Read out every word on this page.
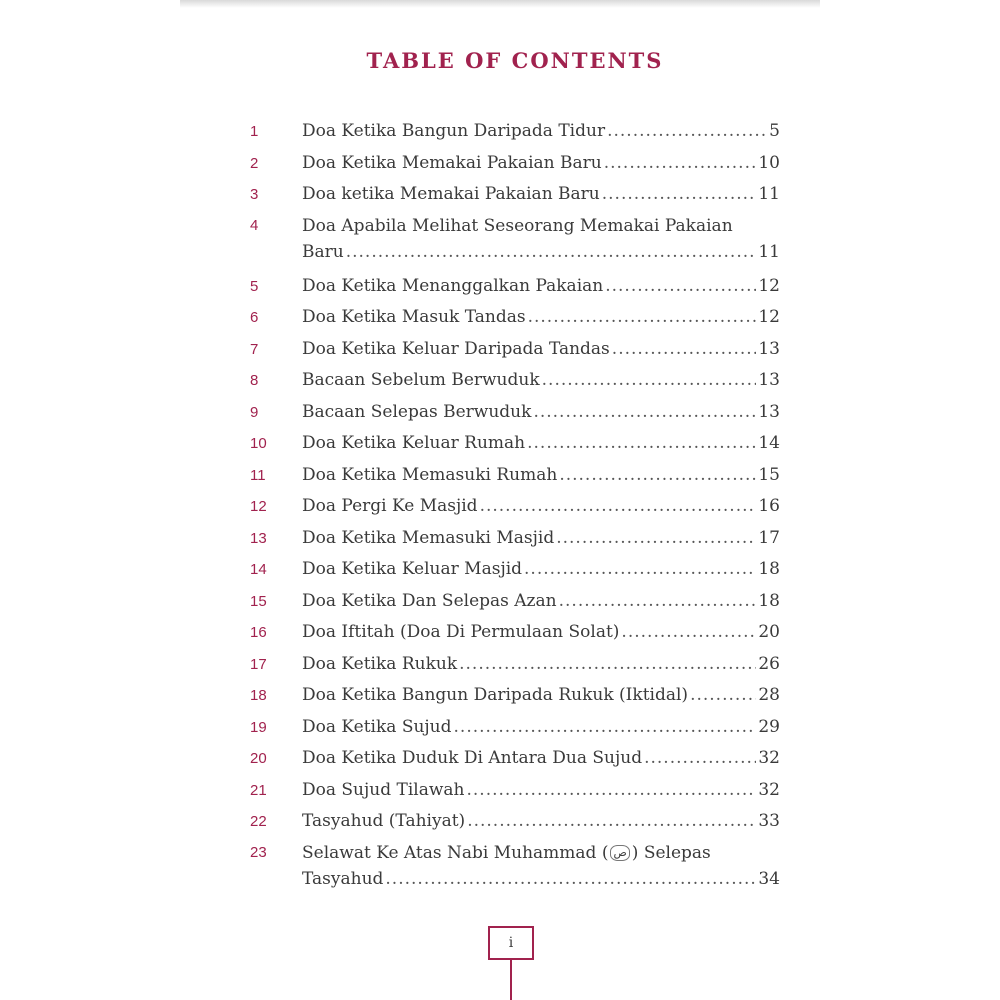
TABLE OF CONTENTS
1	Doa Ketika Bangun Daripada Tidur .....	5
2	Doa Ketika Memakai Pakaian Baru .....	10
3	Doa ketika Memakai Pakaian Baru .....	11
4	Doa Apabila Melihat Seseorang Memakai Pakaian
Baru .....	11
5	Doa Ketika Menanggalkan Pakaian .....	12
6	Doa Ketika Masuk Tandas .....	12
7	Doa Ketika Keluar Daripada Tandas .....	13
8	Bacaan Sebelum Berwuduk .....	13
9	Bacaan Selepas Berwuduk .....	13
10	Doa Ketika Keluar Rumah .....	14
11	Doa Ketika Memasuki Rumah .....	15
12	Doa Pergi Ke Masjid .....	16
13	Doa Ketika Memasuki Masjid .....	17
14	Doa Ketika Keluar Masjid .....	18
15	Doa Ketika Dan Selepas Azan .....	18
16	Doa Iftitah (Doa Di Permulaan Solat) .....	20
17	Doa Ketika Rukuk .....	26
18	Doa Ketika Bangun Daripada Rukuk (Iktidal) .....	28
19	Doa Ketika Sujud .....	29
20	Doa Ketika Duduk Di Antara Dua Sujud .....	32
21	Doa Sujud Tilawah .....	32
22	Tasyahud (Tahiyat) .....	33
23	Selawat Ke Atas Nabi Muhammad ( ص ) Selepas
Tasyahud .....	34
i
